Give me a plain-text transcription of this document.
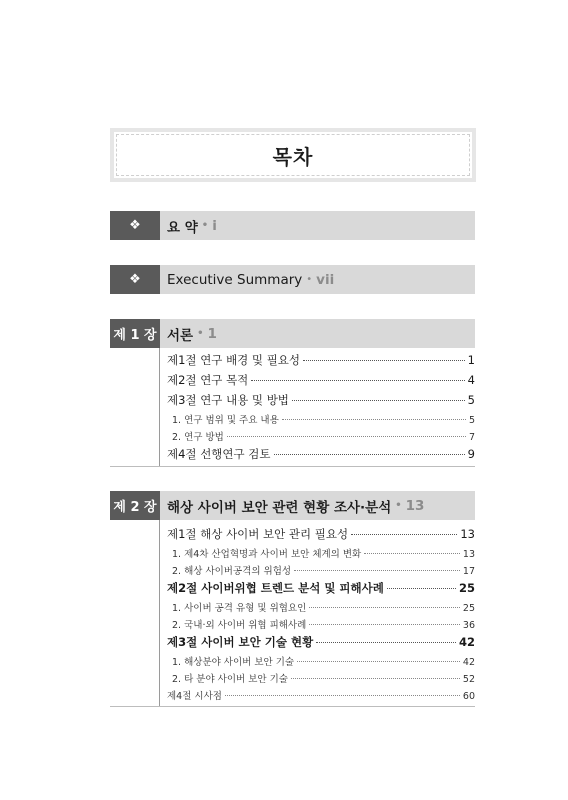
목차
❖	요 약 • i
❖	Executive Summary • vii
제 1 장 서론 • 1
제1절 연구 배경 및 필요성	1
제2절 연구 목적	4
제3절 연구 내용 및 방법	5
1. 연구 범위 및 주요 내용	5
2. 연구 방법	7
제4절 선행연구 검토	9
제 2 장 해상 사이버 보안 관련 현황 조사·분석 • 13
제1절 해상 사이버 보안 관리 필요성	13
1. 제4차 산업혁명과 사이버 보안 체계의 변화	13
2. 해상 사이버공격의 위험성	17
제2절 사이버위협 트렌드 분석 및 피해사례	25
1. 사이버 공격 유형 및 위협요인	25
2. 국내·외 사이버 위협 피해사례	36
제3절 사이버 보안 기술 현황	42
1. 해상분야 사이버 보안 기술	42
2. 타 분야 사이버 보안 기술	52
제4절 시사점	60
